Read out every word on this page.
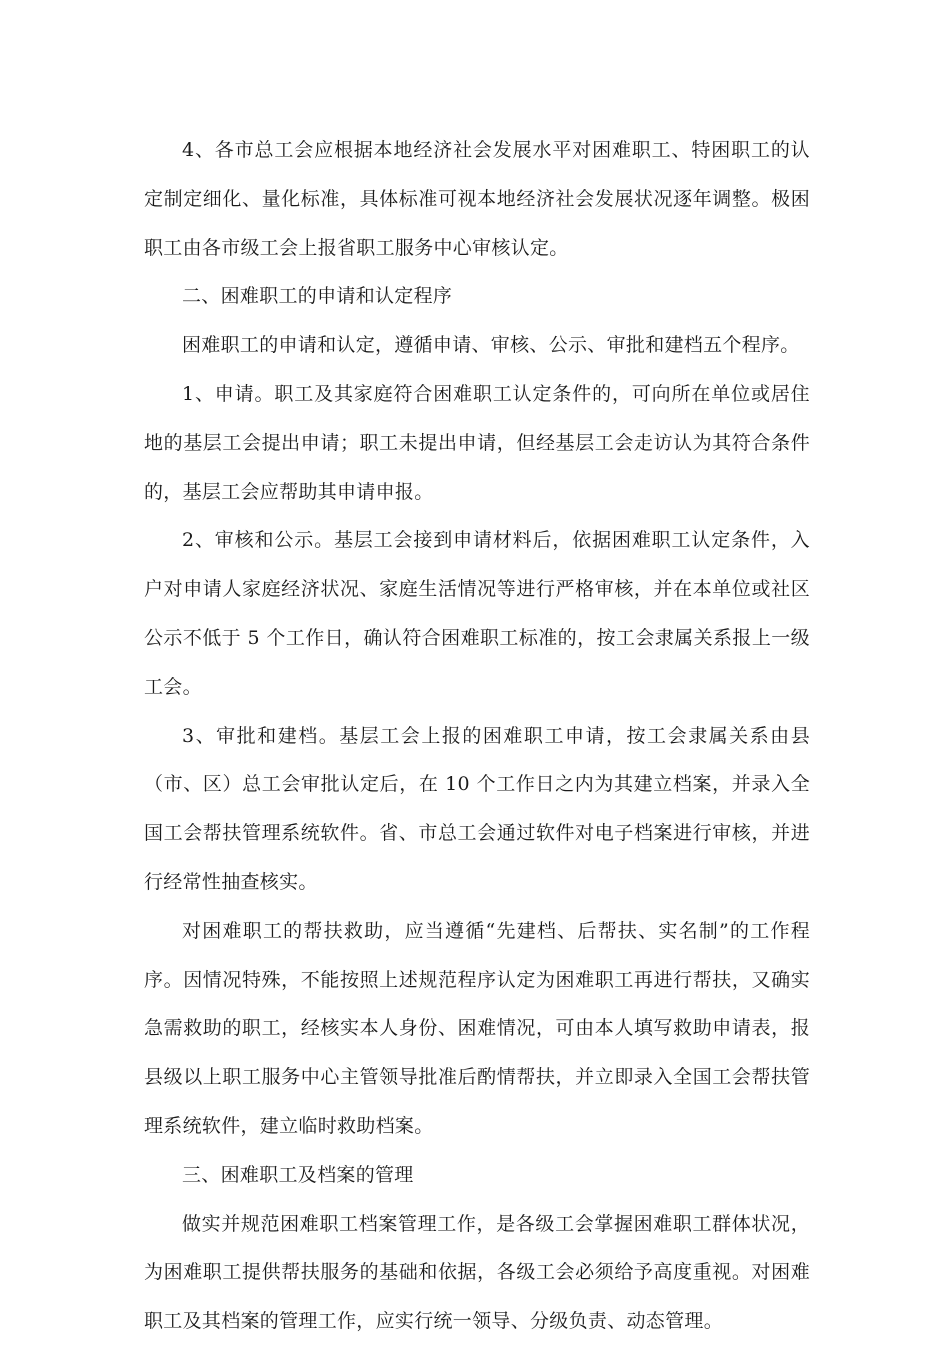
4、各市总工会应根据本地经济社会发展水平对困难职工、特困职工的认定制定细化、量化标准，具体标准可视本地经济社会发展状况逐年调整。极困职工由各市级工会上报省职工服务中心审核认定。

二、困难职工的申请和认定程序

困难职工的申请和认定，遵循申请、审核、公示、审批和建档五个程序。

1、申请。职工及其家庭符合困难职工认定条件的，可向所在单位或居住地的基层工会提出申请；职工未提出申请，但经基层工会走访认为其符合条件的，基层工会应帮助其申请申报。

2、审核和公示。基层工会接到申请材料后，依据困难职工认定条件，入户对申请人家庭经济状况、家庭生活情况等进行严格审核，并在本单位或社区公示不低于 5 个工作日，确认符合困难职工标准的，按工会隶属关系报上一级工会。

3、审批和建档。基层工会上报的困难职工申请，按工会隶属关系由县（市、区）总工会审批认定后，在 10 个工作日之内为其建立档案，并录入全国工会帮扶管理系统软件。省、市总工会通过软件对电子档案进行审核，并进行经常性抽查核实。

对困难职工的帮扶救助，应当遵循“先建档、后帮扶、实名制”的工作程序。因情况特殊，不能按照上述规范程序认定为困难职工再进行帮扶，又确实急需救助的职工，经核实本人身份、困难情况，可由本人填写救助申请表，报县级以上职工服务中心主管领导批准后酌情帮扶，并立即录入全国工会帮扶管理系统软件，建立临时救助档案。

三、困难职工及档案的管理

做实并规范困难职工档案管理工作，是各级工会掌握困难职工群体状况，为困难职工提供帮扶服务的基础和依据，各级工会必须给予高度重视。对困难职工及其档案的管理工作，应实行统一领导、分级负责、动态管理。
